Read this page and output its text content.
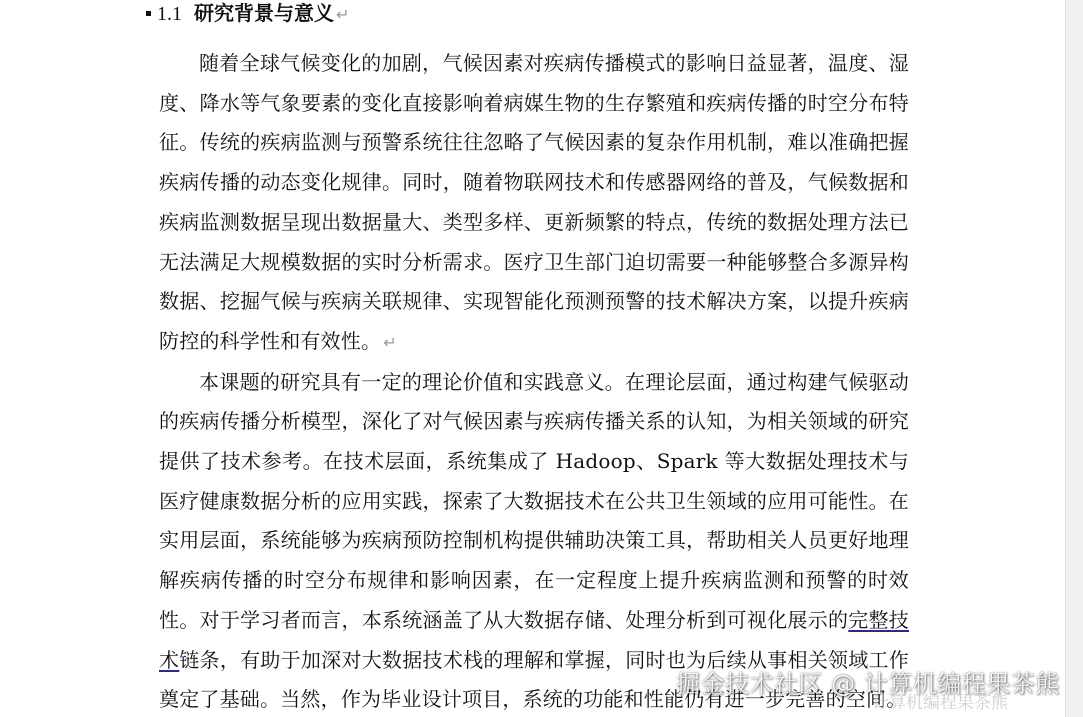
1.1 研究背景与意义 ↵

随着全球气候变化的加剧，气候因素对疾病传播模式的影响日益显著，温度、湿度、降水等气象要素的变化直接影响着病媒生物的生存繁殖和疾病传播的时空分布特征。传统的疾病监测与预警系统往往忽略了气候因素的复杂作用机制，难以准确把握疾病传播的动态变化规律。同时，随着物联网技术和传感器网络的普及，气候数据和疾病监测数据呈现出数据量大、类型多样、更新频繁的特点，传统的数据处理方法已无法满足大规模数据的实时分析需求。医疗卫生部门迫切需要一种能够整合多源异构数据、挖掘气候与疾病关联规律、实现智能化预测预警的技术解决方案，以提升疾病防控的科学性和有效性。 ↵

本课题的研究具有一定的理论价值和实践意义。在理论层面，通过构建气候驱动的疾病传播分析模型，深化了对气候因素与疾病传播关系的认知，为相关领域的研究提供了技术参考。在技术层面，系统集成了 Hadoop、Spark 等大数据处理技术与医疗健康数据分析的应用实践，探索了大数据技术在公共卫生领域的应用可能性。在实用层面，系统能够为疾病预防控制机构提供辅助决策工具，帮助相关人员更好地理解疾病传播的时空分布规律和影响因素，在一定程度上提升疾病监测和预警的时效性。对于学习者而言，本系统涵盖了从大数据存储、处理分析到可视化展示的完整技术链条，有助于加深对大数据技术栈的理解和掌握，同时也为后续从事相关领域工作奠定了基础。当然，作为毕业设计项目，系统的功能和性能仍有进一步完善的空间。

掘金技术社区 @ 计算机编程果茶熊
计算机编程果茶熊
